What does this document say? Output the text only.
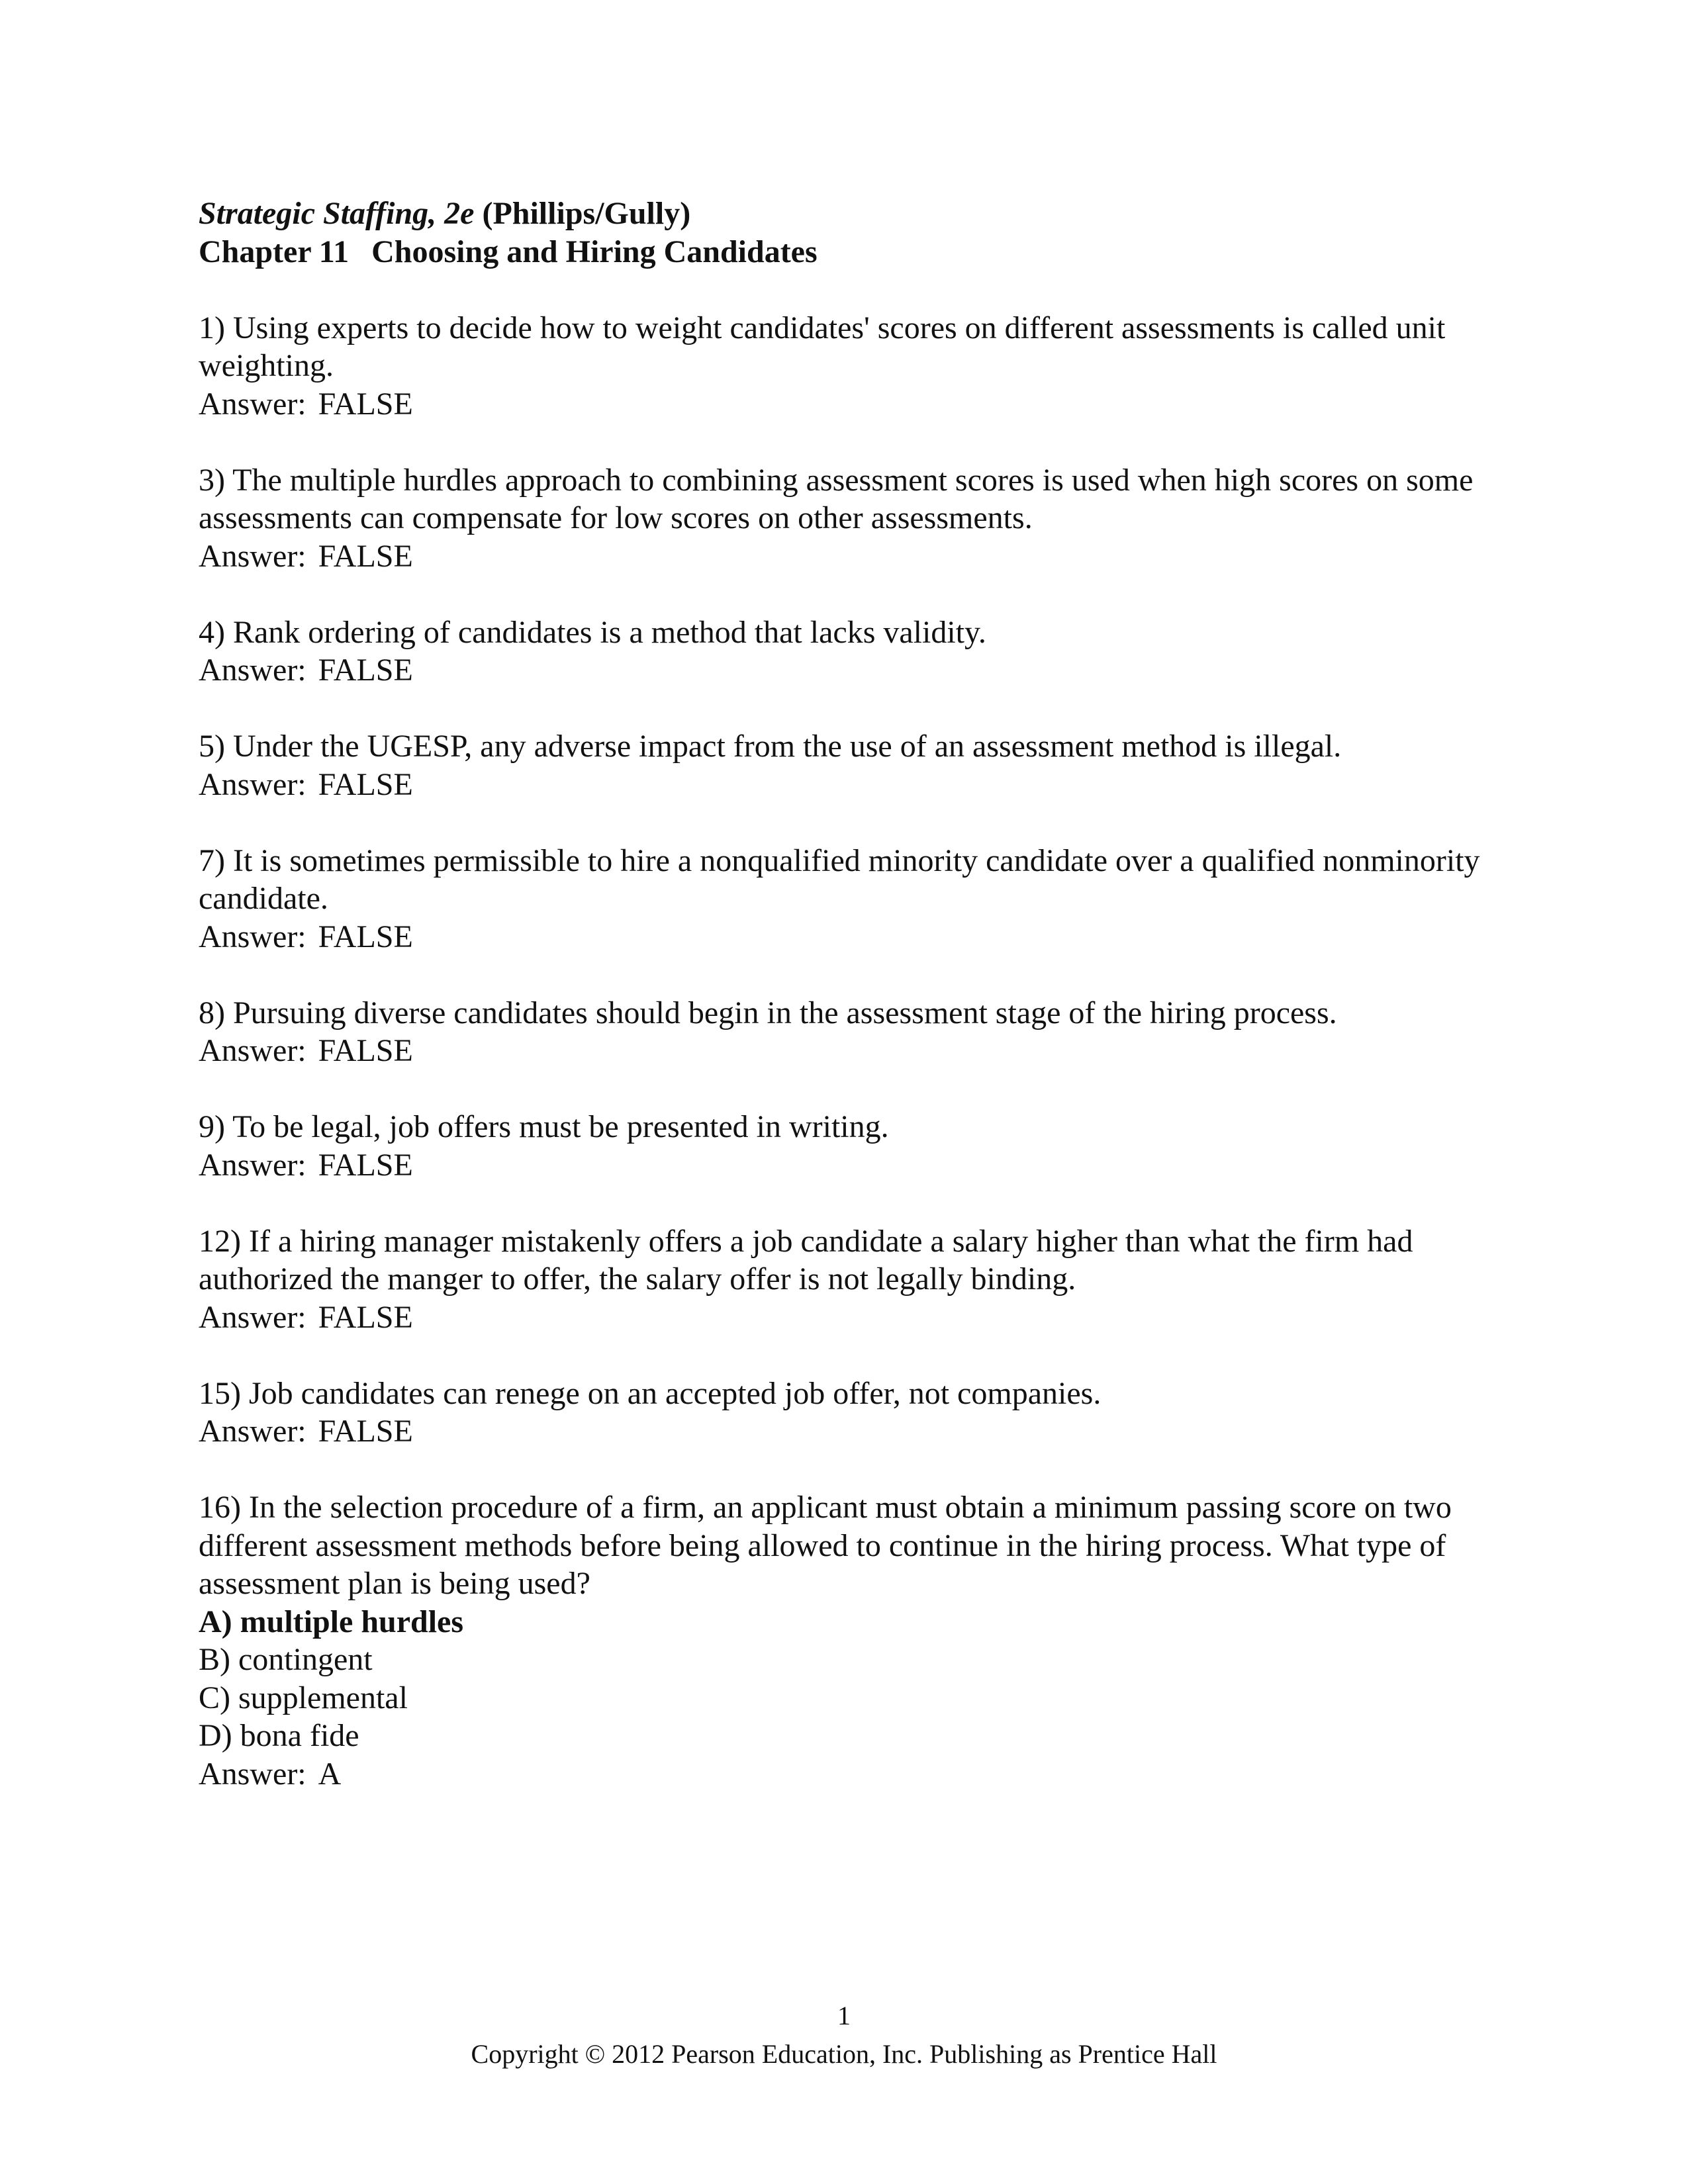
Strategic Staffing, 2e (Phillips/Gully)
Chapter 11 Choosing and Hiring Candidates
1) Using experts to decide how to weight candidates' scores on different assessments is called unit weighting.
Answer: FALSE
3) The multiple hurdles approach to combining assessment scores is used when high scores on some assessments can compensate for low scores on other assessments.
Answer: FALSE
4) Rank ordering of candidates is a method that lacks validity.
Answer: FALSE
5) Under the UGESP, any adverse impact from the use of an assessment method is illegal.
Answer: FALSE
7) It is sometimes permissible to hire a nonqualified minority candidate over a qualified nonminority candidate.
Answer: FALSE
8) Pursuing diverse candidates should begin in the assessment stage of the hiring process.
Answer: FALSE
9) To be legal, job offers must be presented in writing.
Answer: FALSE
12) If a hiring manager mistakenly offers a job candidate a salary higher than what the firm had authorized the manger to offer, the salary offer is not legally binding.
Answer: FALSE
15) Job candidates can renege on an accepted job offer, not companies.
Answer: FALSE
16) In the selection procedure of a firm, an applicant must obtain a minimum passing score on two different assessment methods before being allowed to continue in the hiring process. What type of assessment plan is being used?
A) multiple hurdles
B) contingent
C) supplemental
D) bona fide
Answer: A
1
Copyright © 2012 Pearson Education, Inc. Publishing as Prentice Hall
